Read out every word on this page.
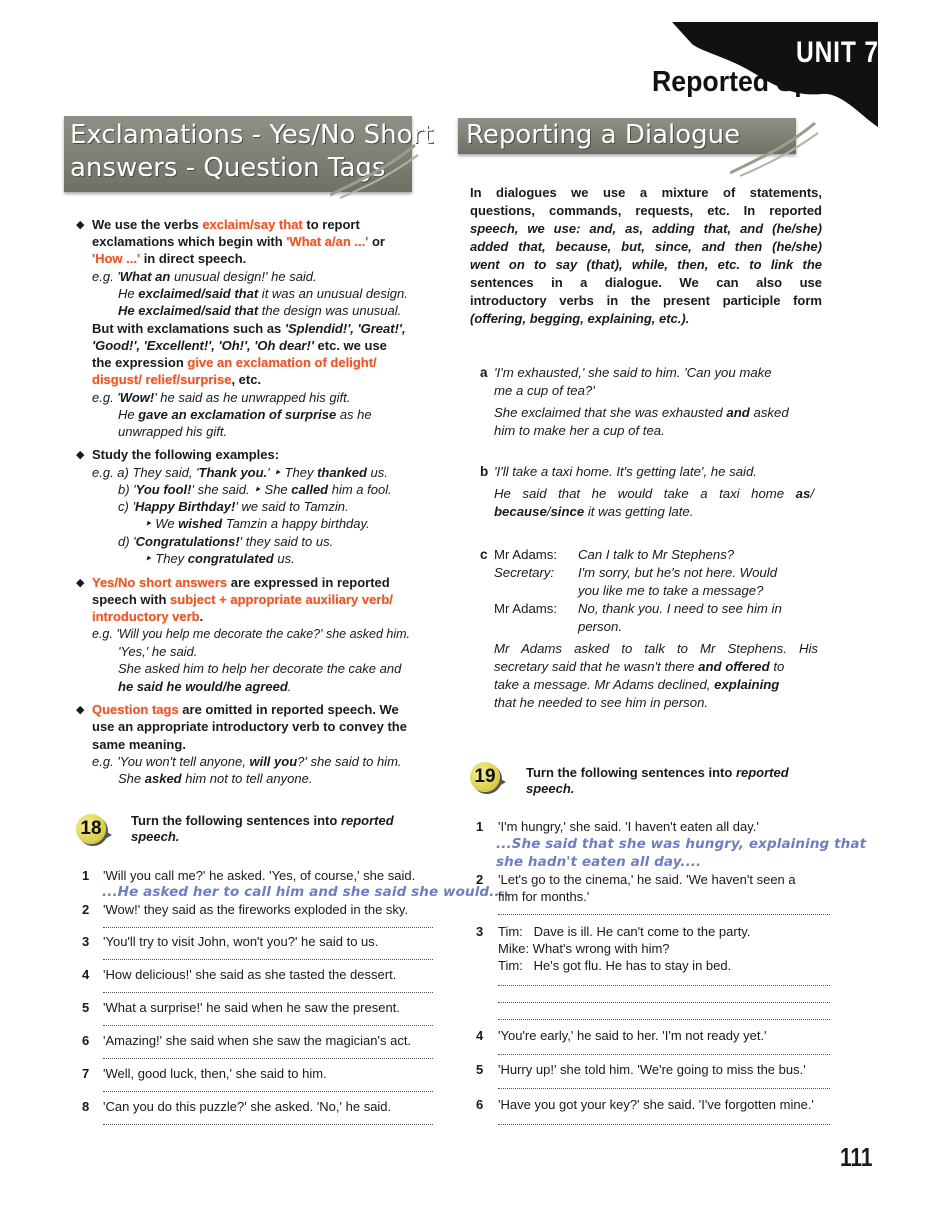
UNIT 7
Reported Speech
Exclamations - Yes/No Short
answers - Question Tags
Reporting a Dialogue
◆ We use the verbs exclaim/say that to report
exclamations which begin with 'What a/an ...' or
'How ...' in direct speech.
e.g. 'What an unusual design!' he said.
He exclaimed/said that it was an unusual design.
He exclaimed/said that the design was unusual.
But with exclamations such as 'Splendid!', 'Great!',
'Good!', 'Excellent!', 'Oh!', 'Oh dear!' etc. we use
the expression give an exclamation of delight/
disgust/ relief/surprise, etc.
e.g. 'Wow!' he said as he unwrapped his gift.
He gave an exclamation of surprise as he
unwrapped his gift.
◆ Study the following examples:
e.g. a) They said, 'Thank you.' ‣ They thanked us.
b) 'You fool!' she said. ‣ She called him a fool.
c) 'Happy Birthday!' we said to Tamzin.
‣ We wished Tamzin a happy birthday.
d) 'Congratulations!' they said to us.
‣ They congratulated us.
◆ Yes/No short answers are expressed in reported
speech with subject + appropriate auxiliary verb/
introductory verb.
e.g. 'Will you help me decorate the cake?' she asked him.
'Yes,' he said.
She asked him to help her decorate the cake and
he said he would/he agreed.
◆ Question tags are omitted in reported speech. We
use an appropriate introductory verb to convey the
same meaning.
e.g. 'You won't tell anyone, will you?' she said to him.
She asked him not to tell anyone.
18	Turn the following sentences into reported
speech.
1 'Will you call me?' he asked. 'Yes, of course,' she said.
...He asked her to call him and she said she would....
2 'Wow!' they said as the fireworks exploded in the sky.
3 'You'll try to visit John, won't you?' he said to us.
4 'How delicious!' she said as she tasted the dessert.
5 'What a surprise!' he said when he saw the present.
6 'Amazing!' she said when she saw the magician's act.
7 'Well, good luck, then,' she said to him.
8 'Can you do this puzzle?' she asked. 'No,' he said.
In dialogues we use a mixture of statements,
questions, commands, requests, etc. In reported
speech, we use: and, as, adding that, and (he/she)
added that, because, but, since, and then (he/she)
went on to say (that), while, then, etc. to link the
sentences in a dialogue. We can also use
introductory verbs in the present participle form
(offering, begging, explaining, etc.).
a 'I'm exhausted,' she said to him. 'Can you make
me a cup of tea?'
She exclaimed that she was exhausted and asked
him to make her a cup of tea.
b 'I'll take a taxi home. It's getting late', he said.
He said that he would take a taxi home as/
because/since it was getting late.
c Mr Adams: Can I talk to Mr Stephens?
Secretary: I'm sorry, but he's not here. Would
you like me to take a message?
Mr Adams: No, thank you. I need to see him in
person.
Mr Adams asked to talk to Mr Stephens. His
secretary said that he wasn't there and offered to
take a message. Mr Adams declined, explaining
that he needed to see him in person.
19	Turn the following sentences into reported
speech.
1 'I'm hungry,' she said. 'I haven't eaten all day.'
...She said that she was hungry, explaining that
she hadn't eaten all day....
2 'Let's go to the cinema,' he said. 'We haven't seen a
film for months.'
3 Tim:   Dave is ill. He can't come to the party.
Mike: What's wrong with him?
Tim:   He's got flu. He has to stay in bed.
4 'You're early,' he said to her. 'I'm not ready yet.'
5 'Hurry up!' she told him. 'We're going to miss the bus.'
6 'Have you got your key?' she said. 'I've forgotten mine.'
111
